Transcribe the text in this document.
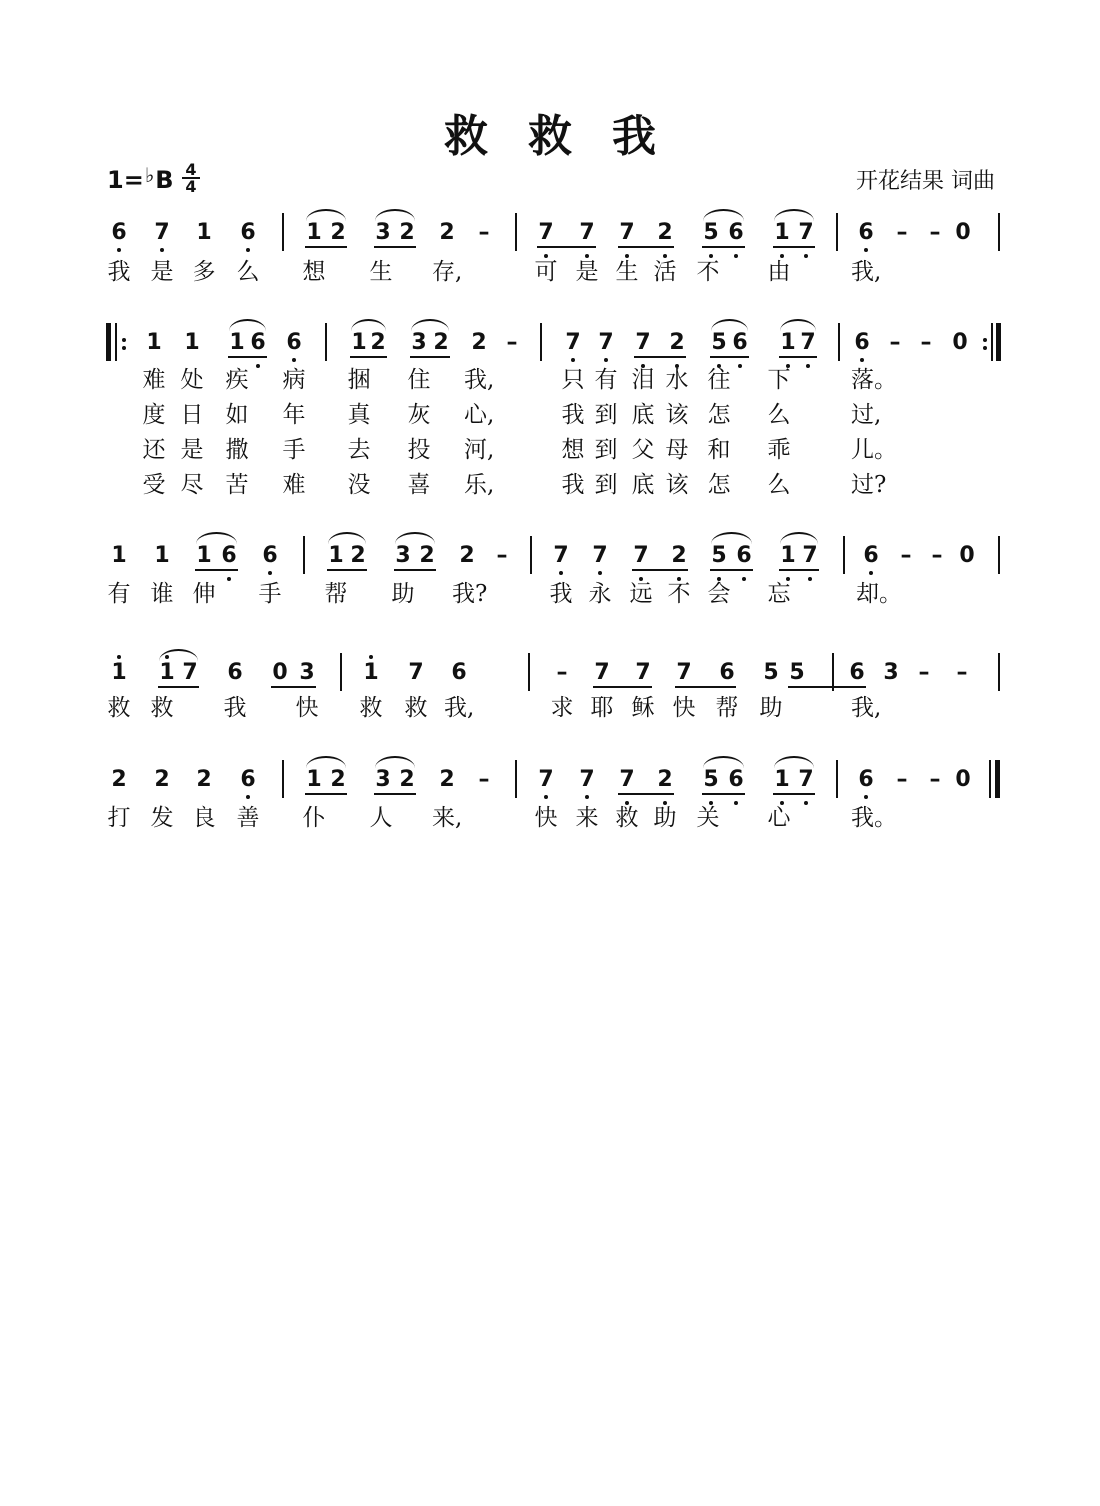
救救我
1=♭B 4
4	开花结果 词曲
6 7 1 6 1 2 3 2 2 – 7 7 7 2 5 6 1 7 6 – – 0
我 是 多 么 想 生 存,	可 是 生 活 不 由	我,
1 1 1 6 6 1 2 3 2 2 – 7 7 7 2 5 6 1 7 6 – – 0
难 处 疾 病 捆 住 我,	只 有 泪 水 往 下	落。
度 日 如 年 真 灰 心,	我 到 底 该 怎 么	过,
还 是 撒 手 去 投 河,	想 到 父 母 和 乖	儿。
受 尽 苦 难 没 喜 乐,	我 到 底 该 怎 么	过?
1 1 1 6 6 1 2 3 2 2 – 7 7 7 2 5 6 1 7 6 – – 0
有 谁 伸 手 帮 助 我?	我 永 远 不 会 忘	却。
1 1 7 6 0 3 1 7 6	– 7 7 7 6 5 5 6 3 – –
救 救 我 快 救 救 我,	求 耶 稣 快 帮 助	我,
2 2 2 6 1 2 3 2 2 – 7 7 7 2 5 6 1 7 6 – – 0
打 发 良 善 仆 人 来,	快 来 救 助 关 心	我。
